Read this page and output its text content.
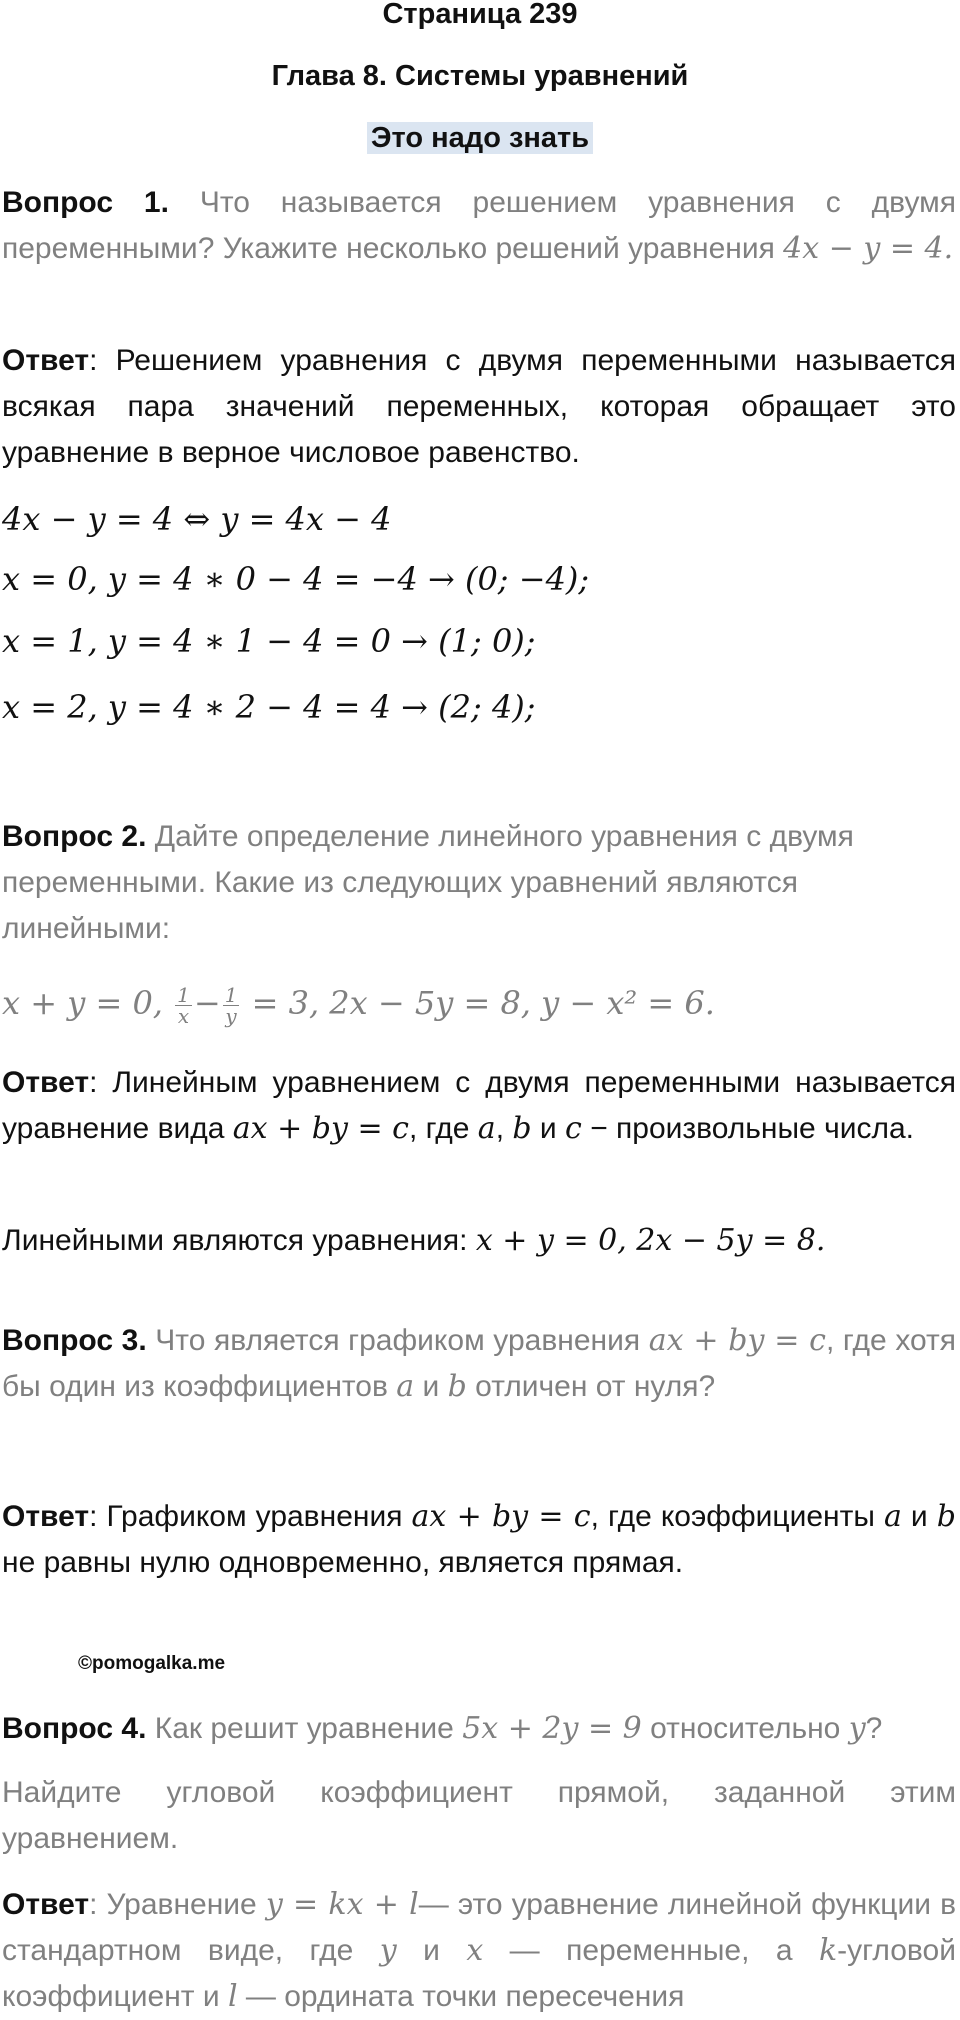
Страница 239
Глава 8. Системы уравнений
Это надо знать
Вопрос 1. Что называется решением уравнения с двумя переменными? Укажите несколько решений уравнения 4x − y = 4.
Ответ: Решением уравнения с двумя переменными называется всякая пара значений переменных, которая обращает это уравнение в верное числовое равенство.
4x − y = 4 ⇔ y = 4x − 4
x = 0, y = 4 ∗ 0 − 4 = −4 → (0; −4);
x = 1, y = 4 ∗ 1 − 4 = 0 → (1; 0);
x = 2, y = 4 ∗ 2 − 4 = 4 → (2; 4);
Вопрос 2. Дайте определение линейного уравнения с двумя переменными. Какие из следующих уравнений являются линейными:
x + y = 0, $\frac{1}{x} - \frac{1}{y} = 3$, 2x − 5y = 8, y − x² = 6.
Ответ: Линейным уравнением с двумя переменными называется уравнение вида ax + by = c, где a, b и c − произвольные числа.
Линейными являются уравнения: x + y = 0, 2x − 5y = 8.
Вопрос 3. Что является графиком уравнения ax + by = c, где хотя бы один из коэффициентов a и b отличен от нуля?
Ответ: Графиком уравнения ax + by = c, где коэффициенты a и b не равны нулю одновременно, является прямая.
©pomogalka.me
Вопрос 4. Как решит уравнение 5x + 2y = 9 относительно y?
Найдите угловой коэффициент прямой, заданной этим уравнением.
Ответ: Уравнение y = kx + l— это уравнение линейной функции в стандартном виде, где y и x — переменные, а k-угловой коэффициент и l — ордината точки пересечения
